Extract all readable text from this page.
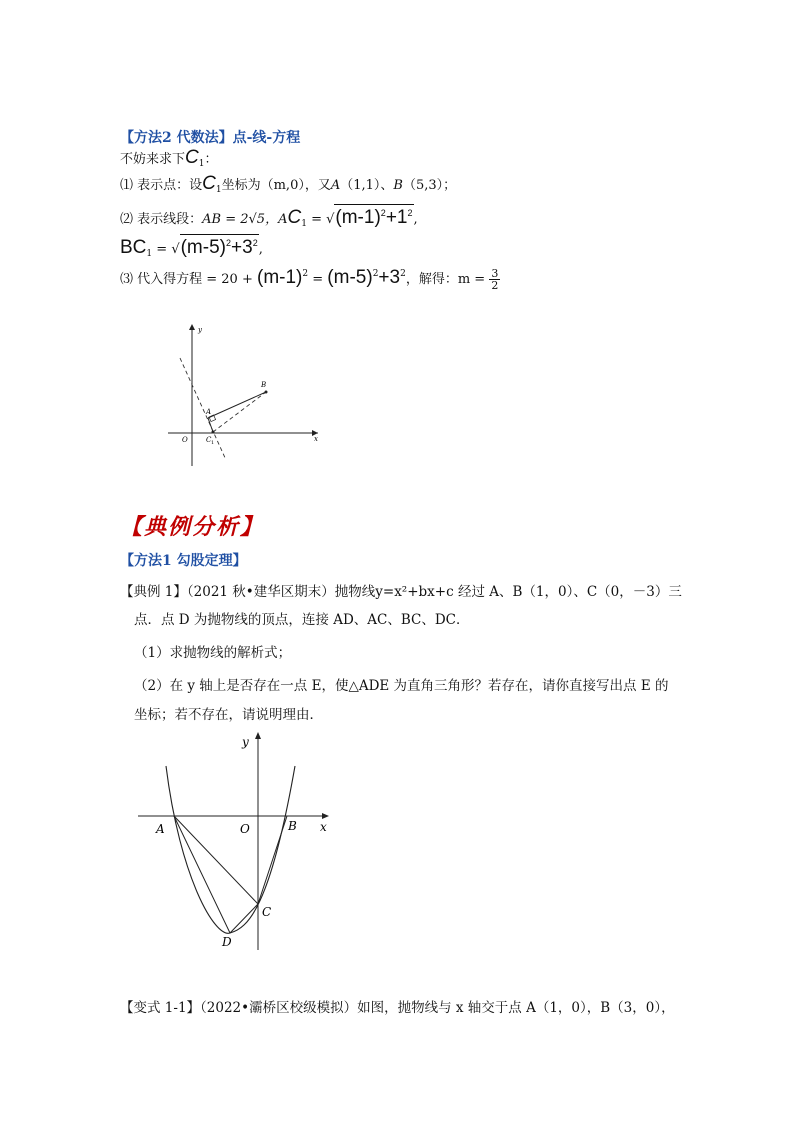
【方法2 代数法】点-线-方程
不妨来求下$C_1$：
⑴ 表示点：设$C_1$坐标为（m,0），又A（1,1）、B（5,3）；
⑵ 表示线段：AB = 2√5，$AC_1 = √(m-1)^2+1^2$,
$BC_1 = √(m-5)^2+3^2$,
⑶ 代入得方程 = $20 + (m-1)^2 = (m-5)^2+3^2$，解得：$m = \frac{3}{2}$
y
x
O
A
B
C 1
【典例分析】
【方法1 勾股定理】
【典例 1】（2021 秋•建华区期末）抛物线y=x²+bx+c 经过 A、B（1，0）、C（0，－3）三
点．点 D 为抛物线的顶点，连接 AD、AC、BC、DC．
（1）求抛物线的解析式；
（2）在 y 轴上是否存在一点 E，使△ADE 为直角三角形？若存在，请你直接写出点 E 的
坐标；若不存在，请说明理由．
O
A	B
C
D
y
x
【变式 1-1】（2022•灞桥区校级模拟）如图，抛物线与 x 轴交于点 A（1，0），B（3，0），
